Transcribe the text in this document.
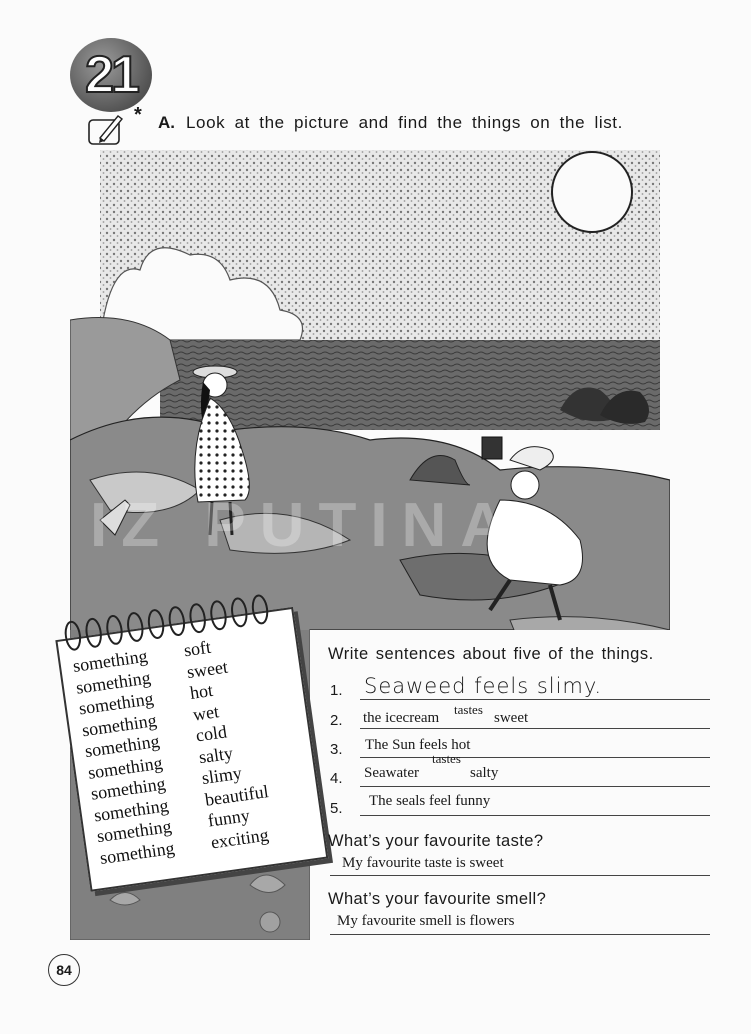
21
* A. Look at the picture and find the things on the list.
IZ PUTINA
something soft
something sweet
something hot
something wet
something cold
something salty
something slimy
something beautiful
something funny
something exciting
Write sentences about five of the things.
1. Seaweed feels slimy.
2. the icecream
tastes
sweet
3. The Sun feels hot
4. Seawater
tastes
salty
5. The seals feel funny
What’s your favourite taste?
My favourite taste is sweet
What’s your favourite smell?
My favourite smell is flowers
84
